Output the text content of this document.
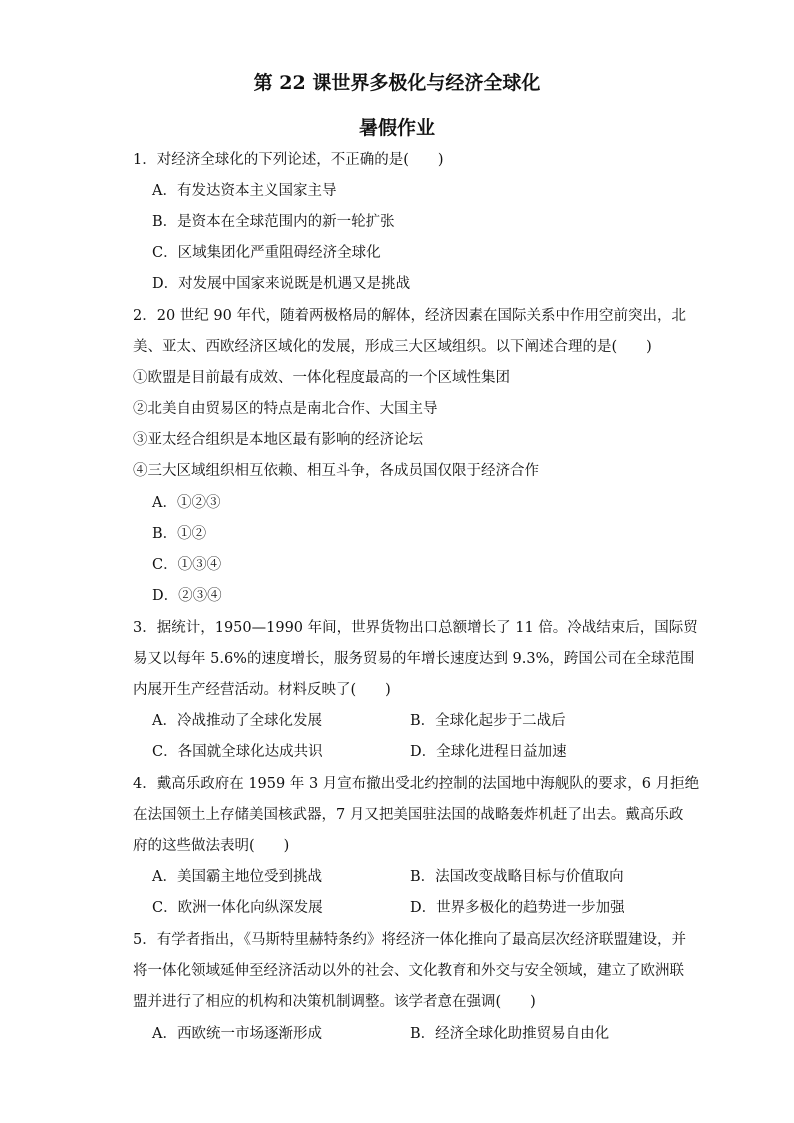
第 22 课世界多极化与经济全球化
暑假作业
1．对经济全球化的下列论述，不正确的是(　　)
A．有发达资本主义国家主导
B．是资本在全球范围内的新一轮扩张
C．区域集团化严重阻碍经济全球化
D．对发展中国家来说既是机遇又是挑战
2．20 世纪 90 年代，随着两极格局的解体，经济因素在国际关系中作用空前突出，北
美、亚太、西欧经济区域化的发展，形成三大区域组织。以下阐述合理的是(　　)
①欧盟是目前最有成效、一体化程度最高的一个区域性集团
②北美自由贸易区的特点是南北合作、大国主导
③亚太经合组织是本地区最有影响的经济论坛
④三大区域组织相互依赖、相互斗争，各成员国仅限于经济合作
A．①②③
B．①②
C．①③④
D．②③④
3．据统计，1950—1990 年间，世界货物出口总额增长了 11 倍。冷战结束后，国际贸
易又以每年 5.6%的速度增长，服务贸易的年增长速度达到 9.3%，跨国公司在全球范围
内展开生产经营活动。材料反映了(　　)
A．冷战推动了全球化发展	B．全球化起步于二战后
C．各国就全球化达成共识	D．全球化进程日益加速
4．戴高乐政府在 1959 年 3 月宣布撤出受北约控制的法国地中海舰队的要求，6 月拒绝
在法国领土上存储美国核武器，7 月又把美国驻法国的战略轰炸机赶了出去。戴高乐政
府的这些做法表明(　　)
A．美国霸主地位受到挑战	B．法国改变战略目标与价值取向
C．欧洲一体化向纵深发展	D．世界多极化的趋势进一步加强
5．有学者指出，《马斯特里赫特条约》将经济一体化推向了最高层次经济联盟建设，并
将一体化领域延伸至经济活动以外的社会、文化教育和外交与安全领域，建立了欧洲联
盟并进行了相应的机构和决策机制调整。该学者意在强调(　　)
A．西欧统一市场逐渐形成	B．经济全球化助推贸易自由化
